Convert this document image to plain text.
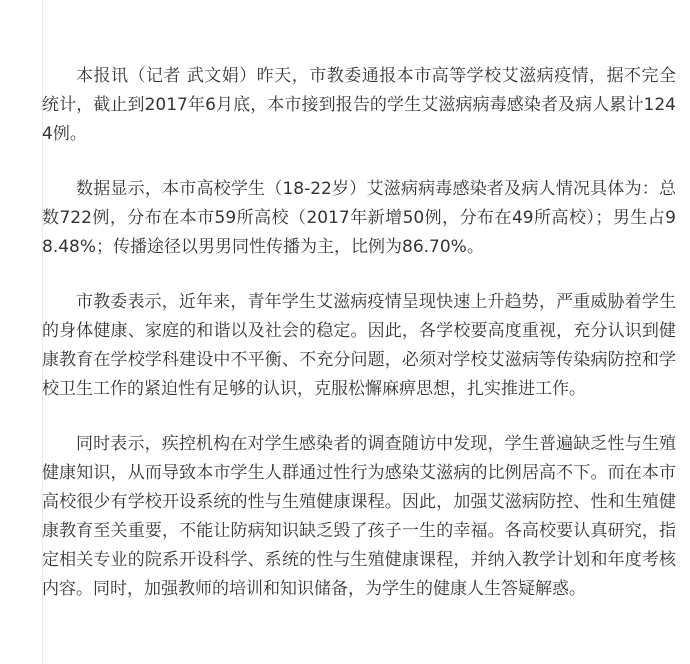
本报讯（记者 武文娟）昨天，市教委通报本市高等学校艾滋病疫情，据不完全统计，截止到2017年6月底，本市接到报告的学生艾滋病病毒感染者及病人累计1244例。

数据显示，本市高校学生（18-22岁）艾滋病病毒感染者及病人情况具体为：总数722例，分布在本市59所高校（2017年新增50例，分布在49所高校）；男生占98.48%；传播途径以男男同性传播为主，比例为86.70%。

市教委表示，近年来，青年学生艾滋病疫情呈现快速上升趋势，严重威胁着学生的身体健康、家庭的和谐以及社会的稳定。因此，各学校要高度重视，充分认识到健康教育在学校学科建设中不平衡、不充分问题，必须对学校艾滋病等传染病防控和学校卫生工作的紧迫性有足够的认识，克服松懈麻痹思想，扎实推进工作。

同时表示，疾控机构在对学生感染者的调查随访中发现，学生普遍缺乏性与生殖健康知识，从而导致本市学生人群通过性行为感染艾滋病的比例居高不下。而在本市高校很少有学校开设系统的性与生殖健康课程。因此，加强艾滋病防控、性和生殖健康教育至关重要，不能让防病知识缺乏毁了孩子一生的幸福。各高校要认真研究，指定相关专业的院系开设科学、系统的性与生殖健康课程，并纳入教学计划和年度考核内容。同时，加强教师的培训和知识储备，为学生的健康人生答疑解惑。
